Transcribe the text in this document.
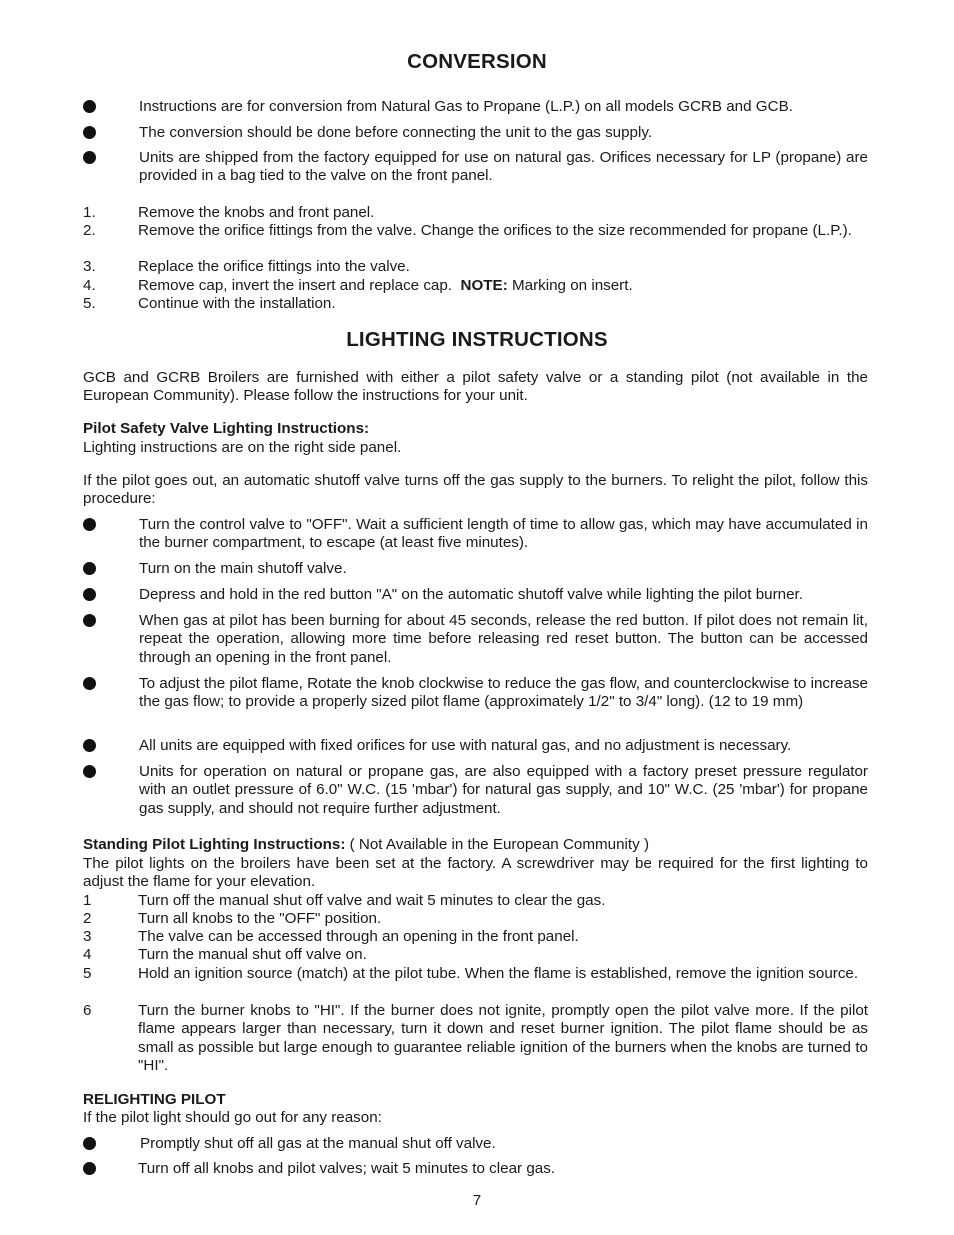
CONVERSION
Instructions are for conversion from Natural Gas to Propane (L.P.) on all models GCRB and GCB.
The conversion should be done before connecting the unit to the gas supply.
Units are shipped from the factory equipped for use on natural gas. Orifices necessary for LP (propane) are provided in a bag tied to the valve on the front panel.
1.	Remove the knobs and front panel.
2.	Remove the orifice fittings from the valve. Change the orifices to the size recommended for propane (L.P.).
3.	Replace the orifice fittings into the valve.
4.	Remove cap, invert the insert and replace cap. NOTE: Marking on insert.
5.	Continue with the installation.
LIGHTING INSTRUCTIONS
GCB and GCRB Broilers are furnished with either a pilot safety valve or a standing pilot (not available in the European Community). Please follow the instructions for your unit.
Pilot Safety Valve Lighting Instructions:
Lighting instructions are on the right side panel.
If the pilot goes out, an automatic shutoff valve turns off the gas supply to the burners. To relight the pilot, follow this procedure:
Turn the control valve to "OFF". Wait a sufficient length of time to allow gas, which may have accumulated in the burner compartment, to escape (at least five minutes).
Turn on the main shutoff valve.
Depress and hold in the red button "A" on the automatic shutoff valve while lighting the pilot burner.
When gas at pilot has been burning for about 45 seconds, release the red button. If pilot does not remain lit, repeat the operation, allowing more time before releasing red reset button. The button can be accessed through an opening in the front panel.
To adjust the pilot flame, Rotate the knob clockwise to reduce the gas flow, and counterclockwise to increase the gas flow; to provide a properly sized pilot flame (approximately 1/2" to 3/4" long). (12 to 19 mm)
All units are equipped with fixed orifices for use with natural gas, and no adjustment is necessary.
Units for operation on natural or propane gas, are also equipped with a factory preset pressure regulator with an outlet pressure of 6.0" W.C. (15 'mbar') for natural gas supply, and 10" W.C. (25 'mbar') for propane gas supply, and should not require further adjustment.
Standing Pilot Lighting Instructions: ( Not Available in the European Community )
The pilot lights on the broilers have been set at the factory. A screwdriver may be required for the first lighting to adjust the flame for your elevation.
1	Turn off the manual shut off valve and wait 5 minutes to clear the gas.
2	Turn all knobs to the "OFF" position.
3	The valve can be accessed through an opening in the front panel.
4	Turn the manual shut off valve on.
5	Hold an ignition source (match) at the pilot tube. When the flame is established, remove the ignition source.
6	Turn the burner knobs to "HI". If the burner does not ignite, promptly open the pilot valve more. If the pilot flame appears larger than necessary, turn it down and reset burner ignition. The pilot flame should be as small as possible but large enough to guarantee reliable ignition of the burners when the knobs are turned to "HI".
RELIGHTING PILOT
If the pilot light should go out for any reason:
Promptly shut off all gas at the manual shut off valve.
Turn off all knobs and pilot valves; wait 5 minutes to clear gas.
7
